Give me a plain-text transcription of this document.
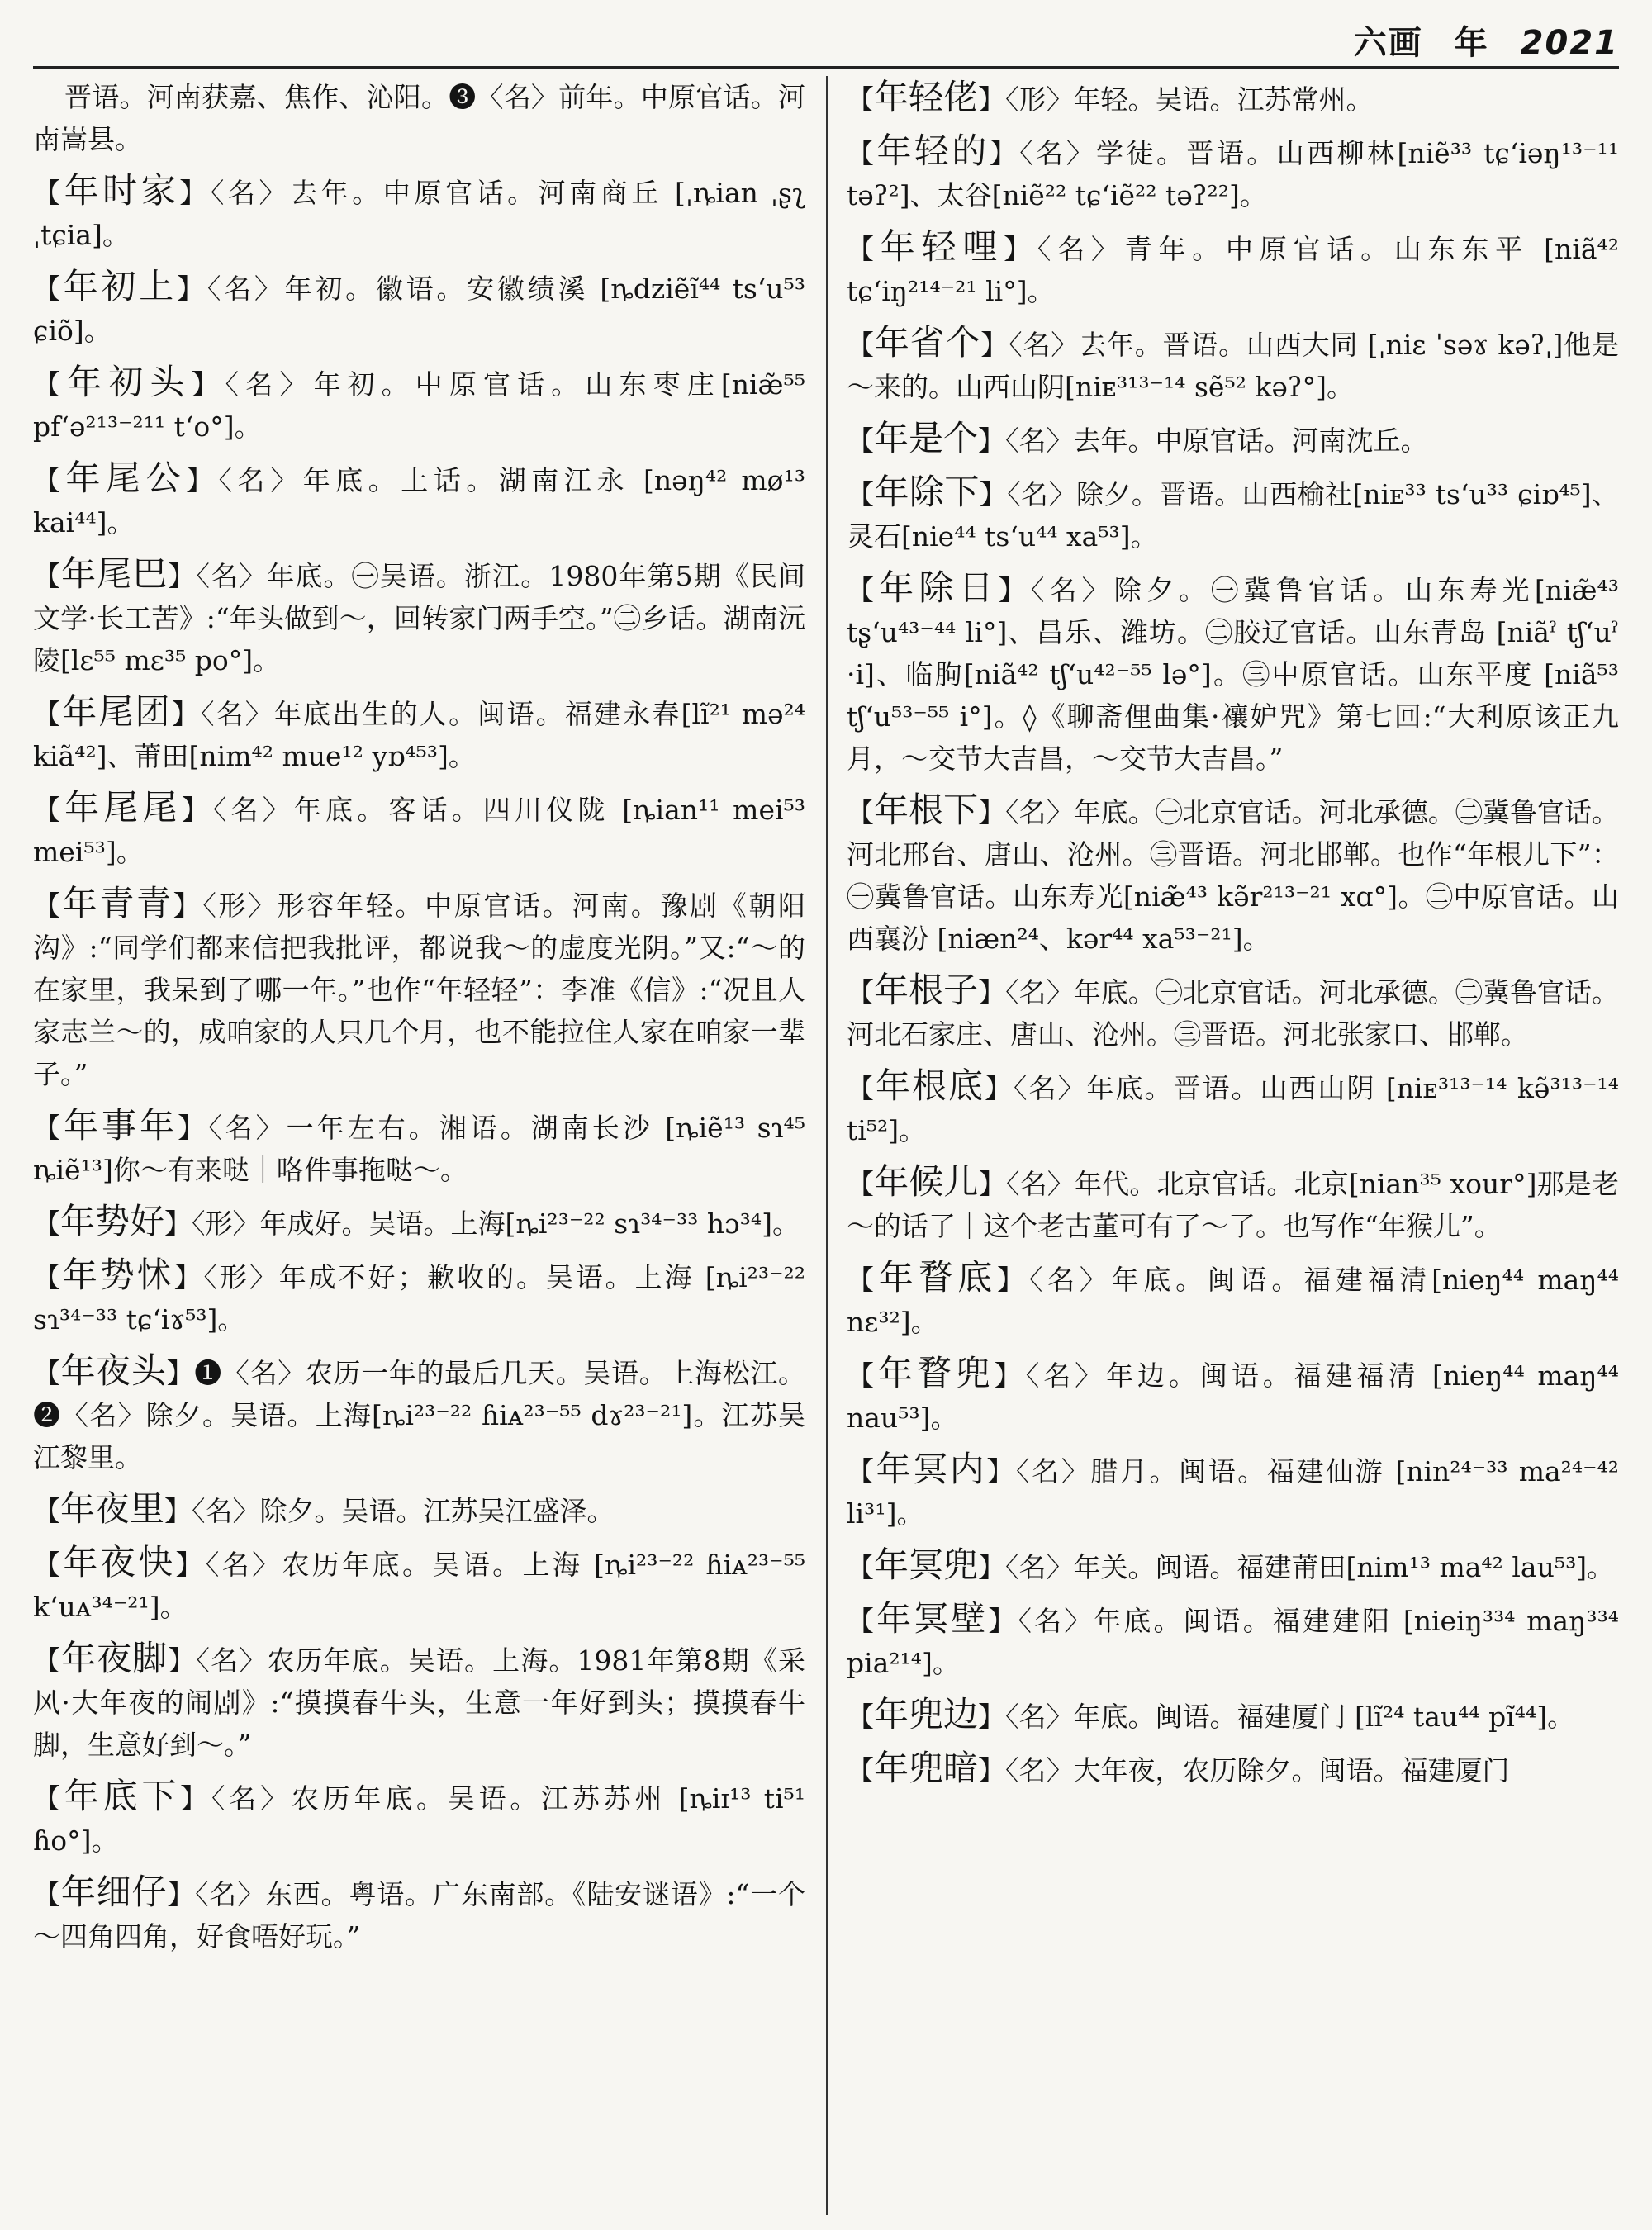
六画 年 2021

晋语。河南获嘉、焦作、沁阳。❸〈名〉前年。中原官话。河南嵩县。

【年时家】〈名〉去年。中原官话。河南商丘 [ˌȵian ˌʂʅ ˌtɕia]。

【年初上】〈名〉年初。徽语。安徽绩溪 [ȵdziẽĩ⁴⁴ tsʻu⁵³ ɕiõ]。

【年初头】〈名〉年初。中原官话。山东枣庄[niæ̃⁵⁵ pfʻə²¹³⁻²¹¹ tʻo°]。

【年尾公】〈名〉年底。土话。湖南江永 [nəŋ⁴² mø¹³ kai⁴⁴]。

【年尾巴】〈名〉年底。㊀吴语。浙江。1980年第5期《民间文学·长工苦》:“年头做到～，回转家门两手空。”㊁乡话。湖南沅陵[lɛ⁵⁵ mɛ³⁵ po°]。

【年尾团】〈名〉年底出生的人。闽语。福建永春[lĩ²¹ mə²⁴ kiã⁴²]、莆田[nim⁴² mue¹² yɒ⁴⁵³]。

【年尾尾】〈名〉年底。客话。四川仪陇 [ȵian¹¹ mei⁵³ mei⁵³]。

【年青青】〈形〉形容年轻。中原官话。河南。豫剧《朝阳沟》:“同学们都来信把我批评，都说我～的虚度光阴。”又:“～的在家里，我呆到了哪一年。”也作“年轻轻”：李准《信》:“况且人家志兰～的，成咱家的人只几个月，也不能拉住人家在咱家一辈子。”

【年事年】〈名〉一年左右。湘语。湖南长沙 [ȵiẽ¹³ sɿ⁴⁵ ȵiẽ¹³]你～有来哒｜咯件事拖哒～。

【年势好】〈形〉年成好。吴语。上海[ȵi²³⁻²² sɿ³⁴⁻³³ hɔ³⁴]。

【年势怵】〈形〉年成不好；歉收的。吴语。上海 [ȵi²³⁻²² sɿ³⁴⁻³³ tɕʻiɤ⁵³]。

【年夜头】❶〈名〉农历一年的最后几天。吴语。上海松江。❷〈名〉除夕。吴语。上海[ȵi²³⁻²² ɦiᴀ²³⁻⁵⁵ dɤ²³⁻²¹]。江苏吴江黎里。

【年夜里】〈名〉除夕。吴语。江苏吴江盛泽。

【年夜快】〈名〉农历年底。吴语。上海 [ȵi²³⁻²² ɦiᴀ²³⁻⁵⁵ kʻuᴀ³⁴⁻²¹]。

【年夜脚】〈名〉农历年底。吴语。上海。1981年第8期《采风·大年夜的闹剧》:“摸摸春牛头，生意一年好到头；摸摸春牛脚，生意好到～。”

【年底下】〈名〉农历年底。吴语。江苏苏州 [ȵiɪ¹³ ti⁵¹ ɦo°]。

【年细仔】〈名〉东西。粤语。广东南部。《陆安谜语》:“一个～四角四角，好食唔好玩。”

【年轻佬】〈形〉年轻。吴语。江苏常州。

【年轻的】〈名〉学徒。晋语。山西柳林[niẽ³³ tɕʻiəŋ¹³⁻¹¹ təʔ²]、太谷[niẽ²² tɕʻiẽ²² təʔ²²]。

【年轻哩】〈名〉青年。中原官话。山东东平 [niã⁴² tɕʻiŋ²¹⁴⁻²¹ li°]。

【年省个】〈名〉去年。晋语。山西大同 [ˌniɛ ˈsəɤ kəʔˌ]他是～来的。山西山阴[niᴇ³¹³⁻¹⁴ sẽ⁵² kəʔ°]。

【年是个】〈名〉去年。中原官话。河南沈丘。

【年除下】〈名〉除夕。晋语。山西榆社[niᴇ³³ tsʻu³³ ɕiɒ⁴⁵]、灵石[nie⁴⁴ tsʻu⁴⁴ xa⁵³]。

【年除日】〈名〉除夕。㊀冀鲁官话。山东寿光[niæ̃⁴³ tʂʻu⁴³⁻⁴⁴ li°]、昌乐、潍坊。㊁胶辽官话。山东青岛 [niãˀ tʃʻuˀ ·i]、临朐[niã⁴² tʃʻu⁴²⁻⁵⁵ lə°]。㊂中原官话。山东平度 [niã⁵³ tʃʻu⁵³⁻⁵⁵ i°]。◊《聊斋俚曲集·禳妒咒》第七回:“大利原该正九月，～交节大吉昌，～交节大吉昌。”

【年根下】〈名〉年底。㊀北京官话。河北承德。㊁冀鲁官话。河北邢台、唐山、沧州。㊂晋语。河北邯郸。也作“年根儿下”：㊀冀鲁官话。山东寿光[niæ̃⁴³ kə̃r²¹³⁻²¹ xɑ°]。㊁中原官话。山西襄汾 [niæn²⁴、kər⁴⁴ xa⁵³⁻²¹]。

【年根子】〈名〉年底。㊀北京官话。河北承德。㊁冀鲁官话。河北石家庄、唐山、沧州。㊂晋语。河北张家口、邯郸。

【年根底】〈名〉年底。晋语。山西山阴 [niᴇ³¹³⁻¹⁴ kə̃³¹³⁻¹⁴ ti⁵²]。

【年候儿】〈名〉年代。北京官话。北京[nian³⁵ xour°]那是老～的话了｜这个老古董可有了～了。也写作“年猴儿”。

【年瞀底】〈名〉年底。闽语。福建福清[nieŋ⁴⁴ maŋ⁴⁴ nɛ³²]。

【年瞀兜】〈名〉年边。闽语。福建福清 [nieŋ⁴⁴ maŋ⁴⁴ nau⁵³]。

【年冥内】〈名〉腊月。闽语。福建仙游 [nin²⁴⁻³³ ma²⁴⁻⁴² li³¹]。

【年冥兜】〈名〉年关。闽语。福建莆田[nim¹³ ma⁴² lau⁵³]。

【年冥壁】〈名〉年底。闽语。福建建阳 [nieiŋ³³⁴ maŋ³³⁴ pia²¹⁴]。

【年兜边】〈名〉年底。闽语。福建厦门 [lĩ²⁴ tau⁴⁴ pĩ⁴⁴]。

【年兜暗】〈名〉大年夜，农历除夕。闽语。福建厦门
